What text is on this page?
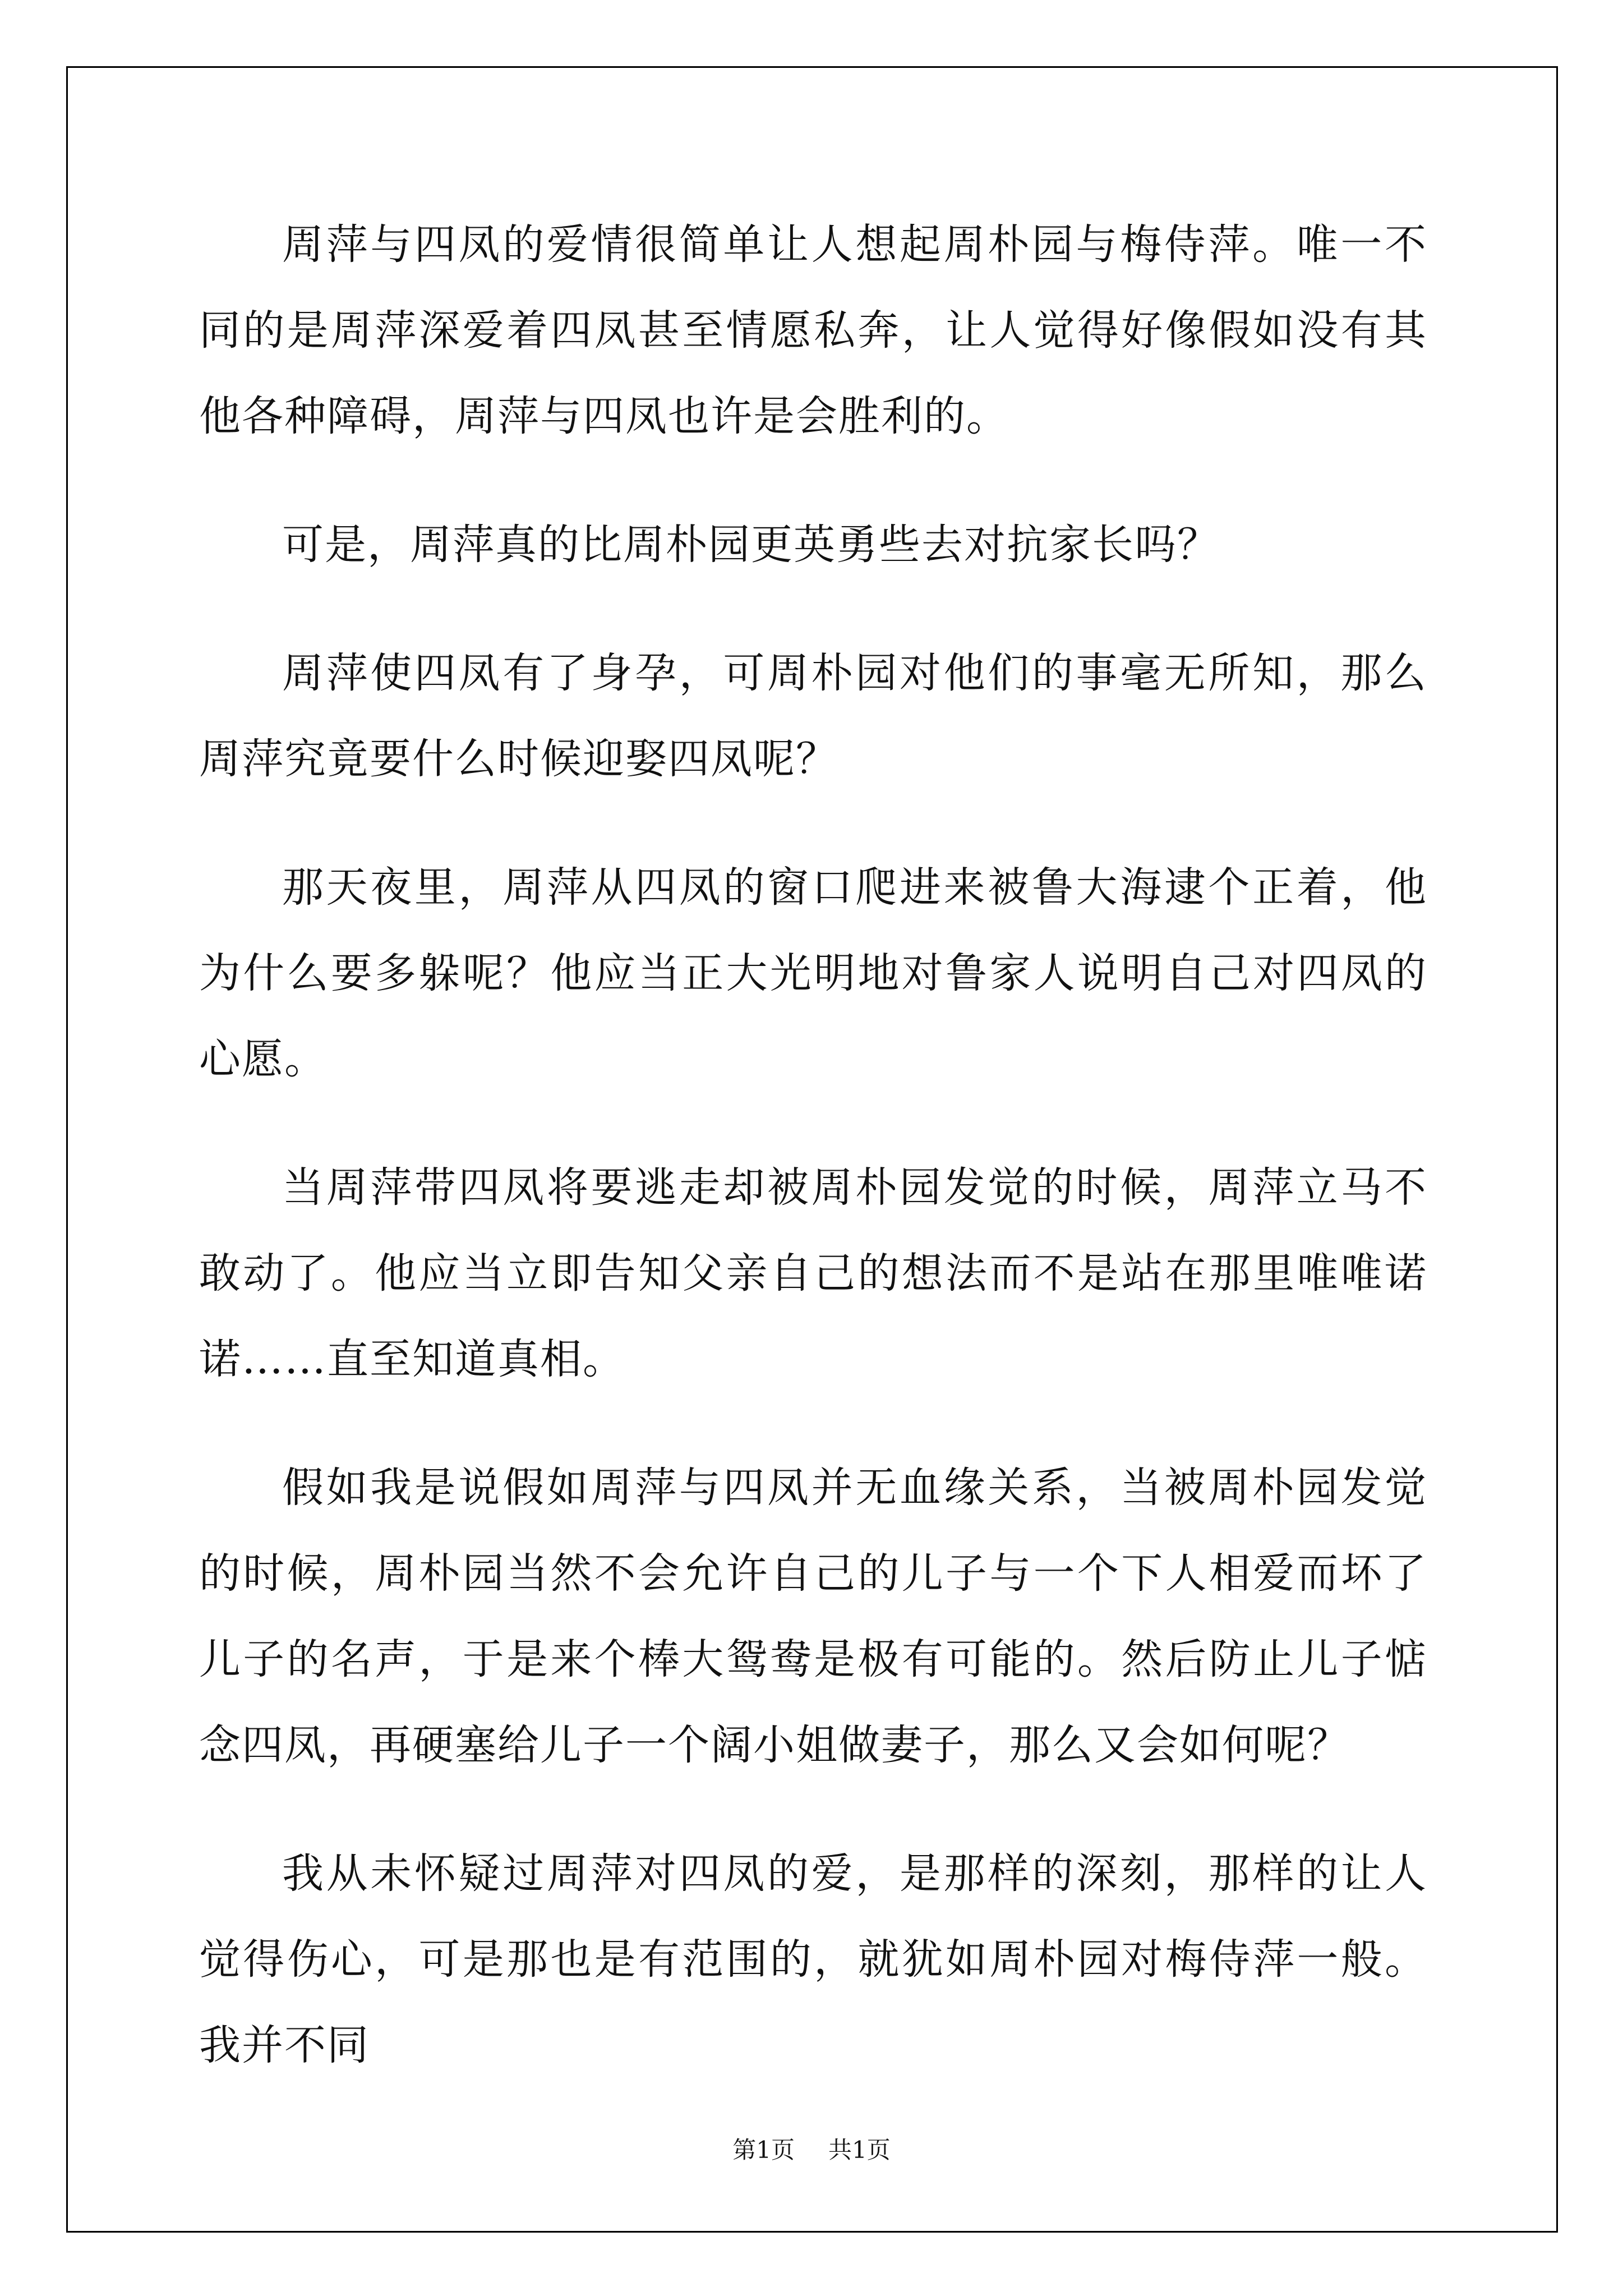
周萍与四凤的爱情很简单让人想起周朴园与梅侍萍。唯一不同的是周萍深爱着四凤甚至情愿私奔，让人觉得好像假如没有其他各种障碍，周萍与四凤也许是会胜利的。

可是，周萍真的比周朴园更英勇些去对抗家长吗？

周萍使四凤有了身孕，可周朴园对他们的事毫无所知，那么周萍究竟要什么时候迎娶四凤呢？

那天夜里，周萍从四凤的窗口爬进来被鲁大海逮个正着，他为什么要多躲呢？他应当正大光明地对鲁家人说明自己对四凤的心愿。

当周萍带四凤将要逃走却被周朴园发觉的时候，周萍立马不敢动了。他应当立即告知父亲自己的想法而不是站在那里唯唯诺诺……直至知道真相。

假如我是说假如周萍与四凤并无血缘关系，当被周朴园发觉的时候，周朴园当然不会允许自己的儿子与一个下人相爱而坏了儿子的名声，于是来个棒大鸳鸯是极有可能的。然后防止儿子惦念四凤，再硬塞给儿子一个阔小姐做妻子，那么又会如何呢？

我从未怀疑过周萍对四凤的爱，是那样的深刻，那样的让人觉得伤心，可是那也是有范围的，就犹如周朴园对梅侍萍一般。我并不同

第1页 共1页
